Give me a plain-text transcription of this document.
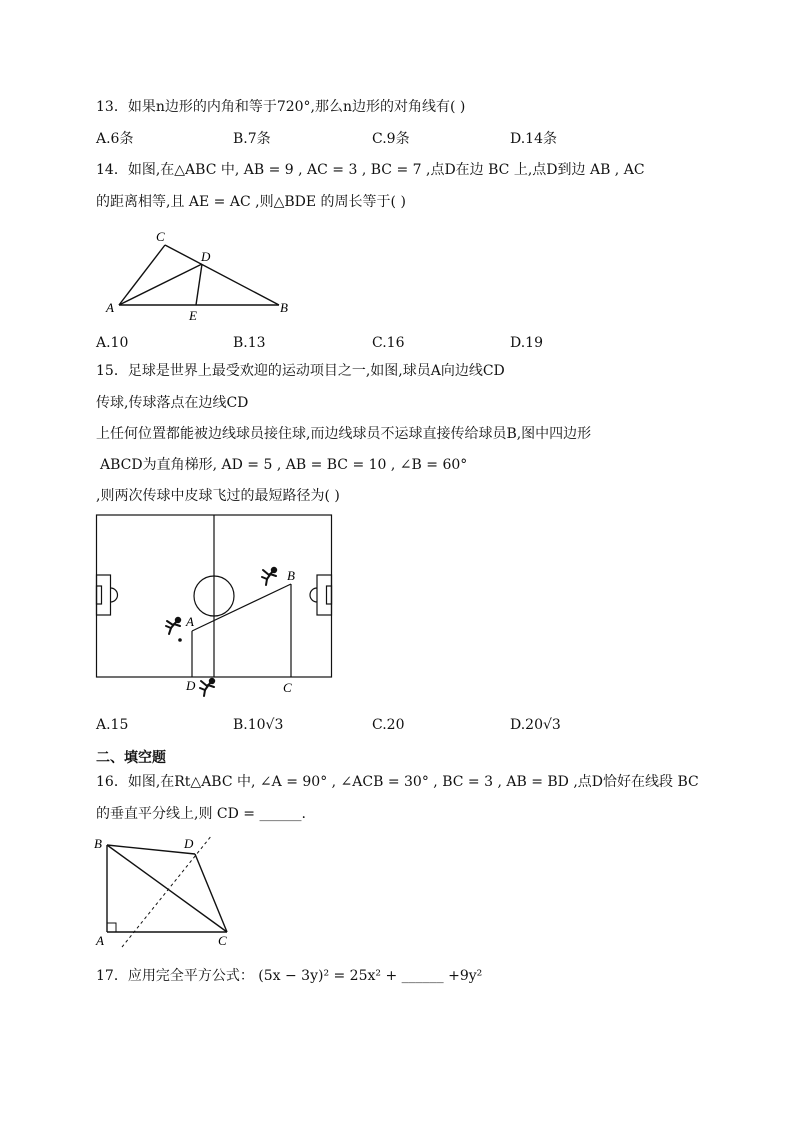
13．如果n边形的内角和等于720°,那么n边形的对角线有( )
A.6条	B.7条	C.9条	D.14条
14．如图,在△ABC 中, AB = 9 , AC = 3 , BC = 7 ,点D在边 BC 上,点D到边 AB , AC
的距离相等,且 AE = AC ,则△BDE 的周长等于( )
C
D
A
E
B
A.10	B.13	C.16	D.19
15．足球是世界上最受欢迎的运动项目之一,如图,球员A向边线CD
传球,传球落点在边线CD
上任何位置都能被边线球员接住球,而边线球员不运球直接传给球员B,图中四边形
ABCD为直角梯形, AD = 5 , AB = BC = 10 , ∠B = 60°
,则两次传球中皮球飞过的最短路径为( )
A
B
C
D
A.15	B.10√3	C.20	D.20√3
二、填空题
16．如图,在Rt△ABC 中, ∠A = 90° , ∠ACB = 30° , BC = 3 , AB = BD ,点D恰好在线段 BC
的垂直平分线上,则 CD = ______.
B	D
A	C
17．应用完全平方公式： (5x − 3y)² = 25x² + ______ +9y²
